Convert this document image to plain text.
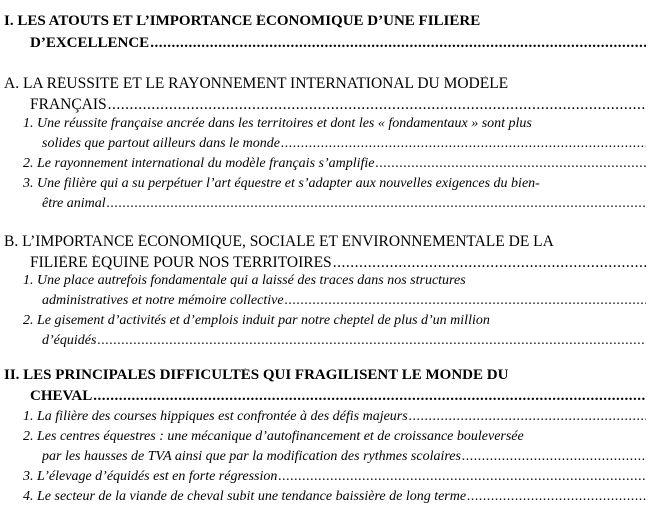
I. LES ATOUTS ET L’IMPORTANCE ÉCONOMIQUE D’UNE FILIÈRE
D’EXCELLENCE
.....
A. LA RÉUSSITE ET LE RAYONNEMENT INTERNATIONAL DU MODÈLE
FRANÇAIS
.....
1. Une réussite française ancrée dans les territoires et dont les « fondamentaux » sont plus
solides que partout ailleurs dans le monde
.....
2. Le rayonnement international du modèle français s’amplifie
.....
3. Une filière qui a su perpétuer l’art équestre et s’adapter aux nouvelles exigences du bien-
être animal
.....
B. L’IMPORTANCE ÉCONOMIQUE, SOCIALE ET ENVIRONNEMENTALE DE LA
FILIÈRE ÉQUINE POUR NOS TERRITOIRES
.....
1. Une place autrefois fondamentale qui a laissé des traces dans nos structures
administratives et notre mémoire collective
.....
2. Le gisement d’activités et d’emplois induit par notre cheptel de plus d’un million
d’équidés
.....
II. LES PRINCIPALES DIFFICULTÉS QUI FRAGILISENT LE MONDE DU
CHEVAL
.....
1. La filière des courses hippiques est confrontée à des défis majeurs
.....
2. Les centres équestres : une mécanique d’autofinancement et de croissance bouleversée
par les hausses de TVA ainsi que par la modification des rythmes scolaires
.....
3. L’élevage d’équidés est en forte régression
.....
4. Le secteur de la viande de cheval subit une tendance baissière de long terme
.....
